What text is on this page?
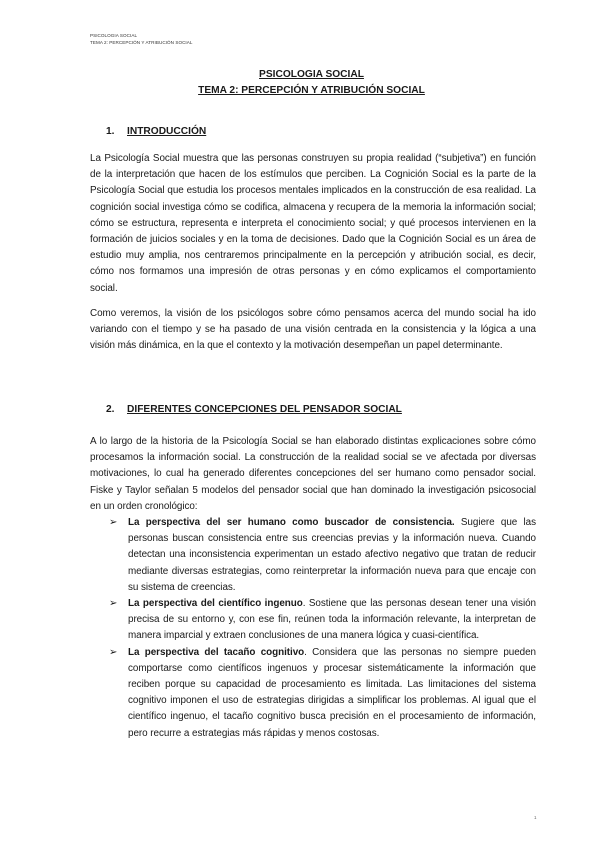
PSICOLOGIA SOCIAL
TEMA 2: PERCEPCIÓN Y ATRIBUCIÓN SOCIAL
PSICOLOGIA SOCIAL
TEMA 2: PERCEPCIÓN Y ATRIBUCIÓN SOCIAL
1. INTRODUCCIÓN
La Psicología Social muestra que las personas construyen su propia realidad (“subjetiva”) en función de la interpretación que hacen de los estímulos que perciben. La Cognición Social es la parte de la Psicología Social que estudia los procesos mentales implicados en la construcción de esa realidad. La cognición social investiga cómo se codifica, almacena y recupera de la memoria la información social; cómo se estructura, representa e interpreta el conocimiento social; y qué procesos intervienen en la formación de juicios sociales y en la toma de decisiones. Dado que la Cognición Social es un área de estudio muy amplia, nos centraremos principalmente en la percepción y atribución social, es decir, cómo nos formamos una impresión de otras personas y en cómo explicamos el comportamiento social.
Como veremos, la visión de los psicólogos sobre cómo pensamos acerca del mundo social ha ido variando con el tiempo y se ha pasado de una visión centrada en la consistencia y la lógica a una visión más dinámica, en la que el contexto y la motivación desempeñan un papel determinante.
2. DIFERENTES CONCEPCIONES DEL PENSADOR SOCIAL
A lo largo de la historia de la Psicología Social se han elaborado distintas explicaciones sobre cómo procesamos la información social. La construcción de la realidad social se ve afectada por diversas motivaciones, lo cual ha generado diferentes concepciones del ser humano como pensador social. Fiske y Taylor señalan 5 modelos del pensador social que han dominado la investigación psicosocial en un orden cronológico:
➢ La perspectiva del ser humano como buscador de consistencia. Sugiere que las personas buscan consistencia entre sus creencias previas y la información nueva. Cuando detectan una inconsistencia experimentan un estado afectivo negativo que tratan de reducir mediante diversas estrategias, como reinterpretar la información nueva para que encaje con su sistema de creencias.
➢ La perspectiva del científico ingenuo. Sostiene que las personas desean tener una visión precisa de su entorno y, con ese fin, reúnen toda la información relevante, la interpretan de manera imparcial y extraen conclusiones de una manera lógica y cuasi-científica.
➢ La perspectiva del tacaño cognitivo. Considera que las personas no siempre pueden comportarse como científicos ingenuos y procesar sistemáticamente la información que reciben porque su capacidad de procesamiento es limitada. Las limitaciones del sistema cognitivo imponen el uso de estrategias dirigidas a simplificar los problemas. Al igual que el científico ingenuo, el tacaño cognitivo busca precisión en el procesamiento de información, pero recurre a estrategias más rápidas y menos costosas.
1
